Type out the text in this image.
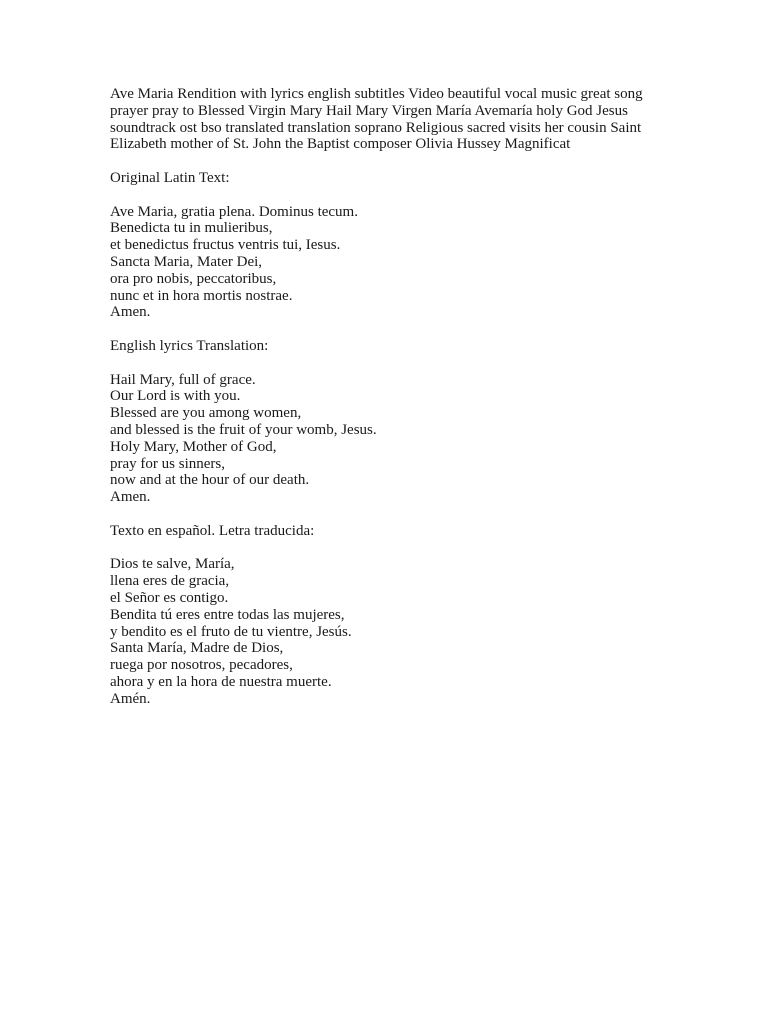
Ave Maria Rendition with lyrics english subtitles Video beautiful vocal music great song prayer pray to Blessed Virgin Mary Hail Mary Virgen María Avemaría holy God Jesus soundtrack ost bso translated translation soprano Religious sacred visits her cousin Saint Elizabeth mother of St. John the Baptist composer Olivia Hussey Magnificat

Original Latin Text:

Ave Maria, gratia plena. Dominus tecum.
Benedicta tu in mulieribus,
et benedictus fructus ventris tui, Iesus.
Sancta Maria, Mater Dei,
ora pro nobis, peccatoribus,
nunc et in hora mortis nostrae.
Amen.

English lyrics Translation:

Hail Mary, full of grace.
Our Lord is with you.
Blessed are you among women,
and blessed is the fruit of your womb, Jesus.
Holy Mary, Mother of God,
pray for us sinners,
now and at the hour of our death.
Amen.

Texto en español. Letra traducida:

Dios te salve, María,
llena eres de gracia,
el Señor es contigo.
Bendita tú eres entre todas las mujeres,
y bendito es el fruto de tu vientre, Jesús.
Santa María, Madre de Dios,
ruega por nosotros, pecadores,
ahora y en la hora de nuestra muerte.
Amén.
